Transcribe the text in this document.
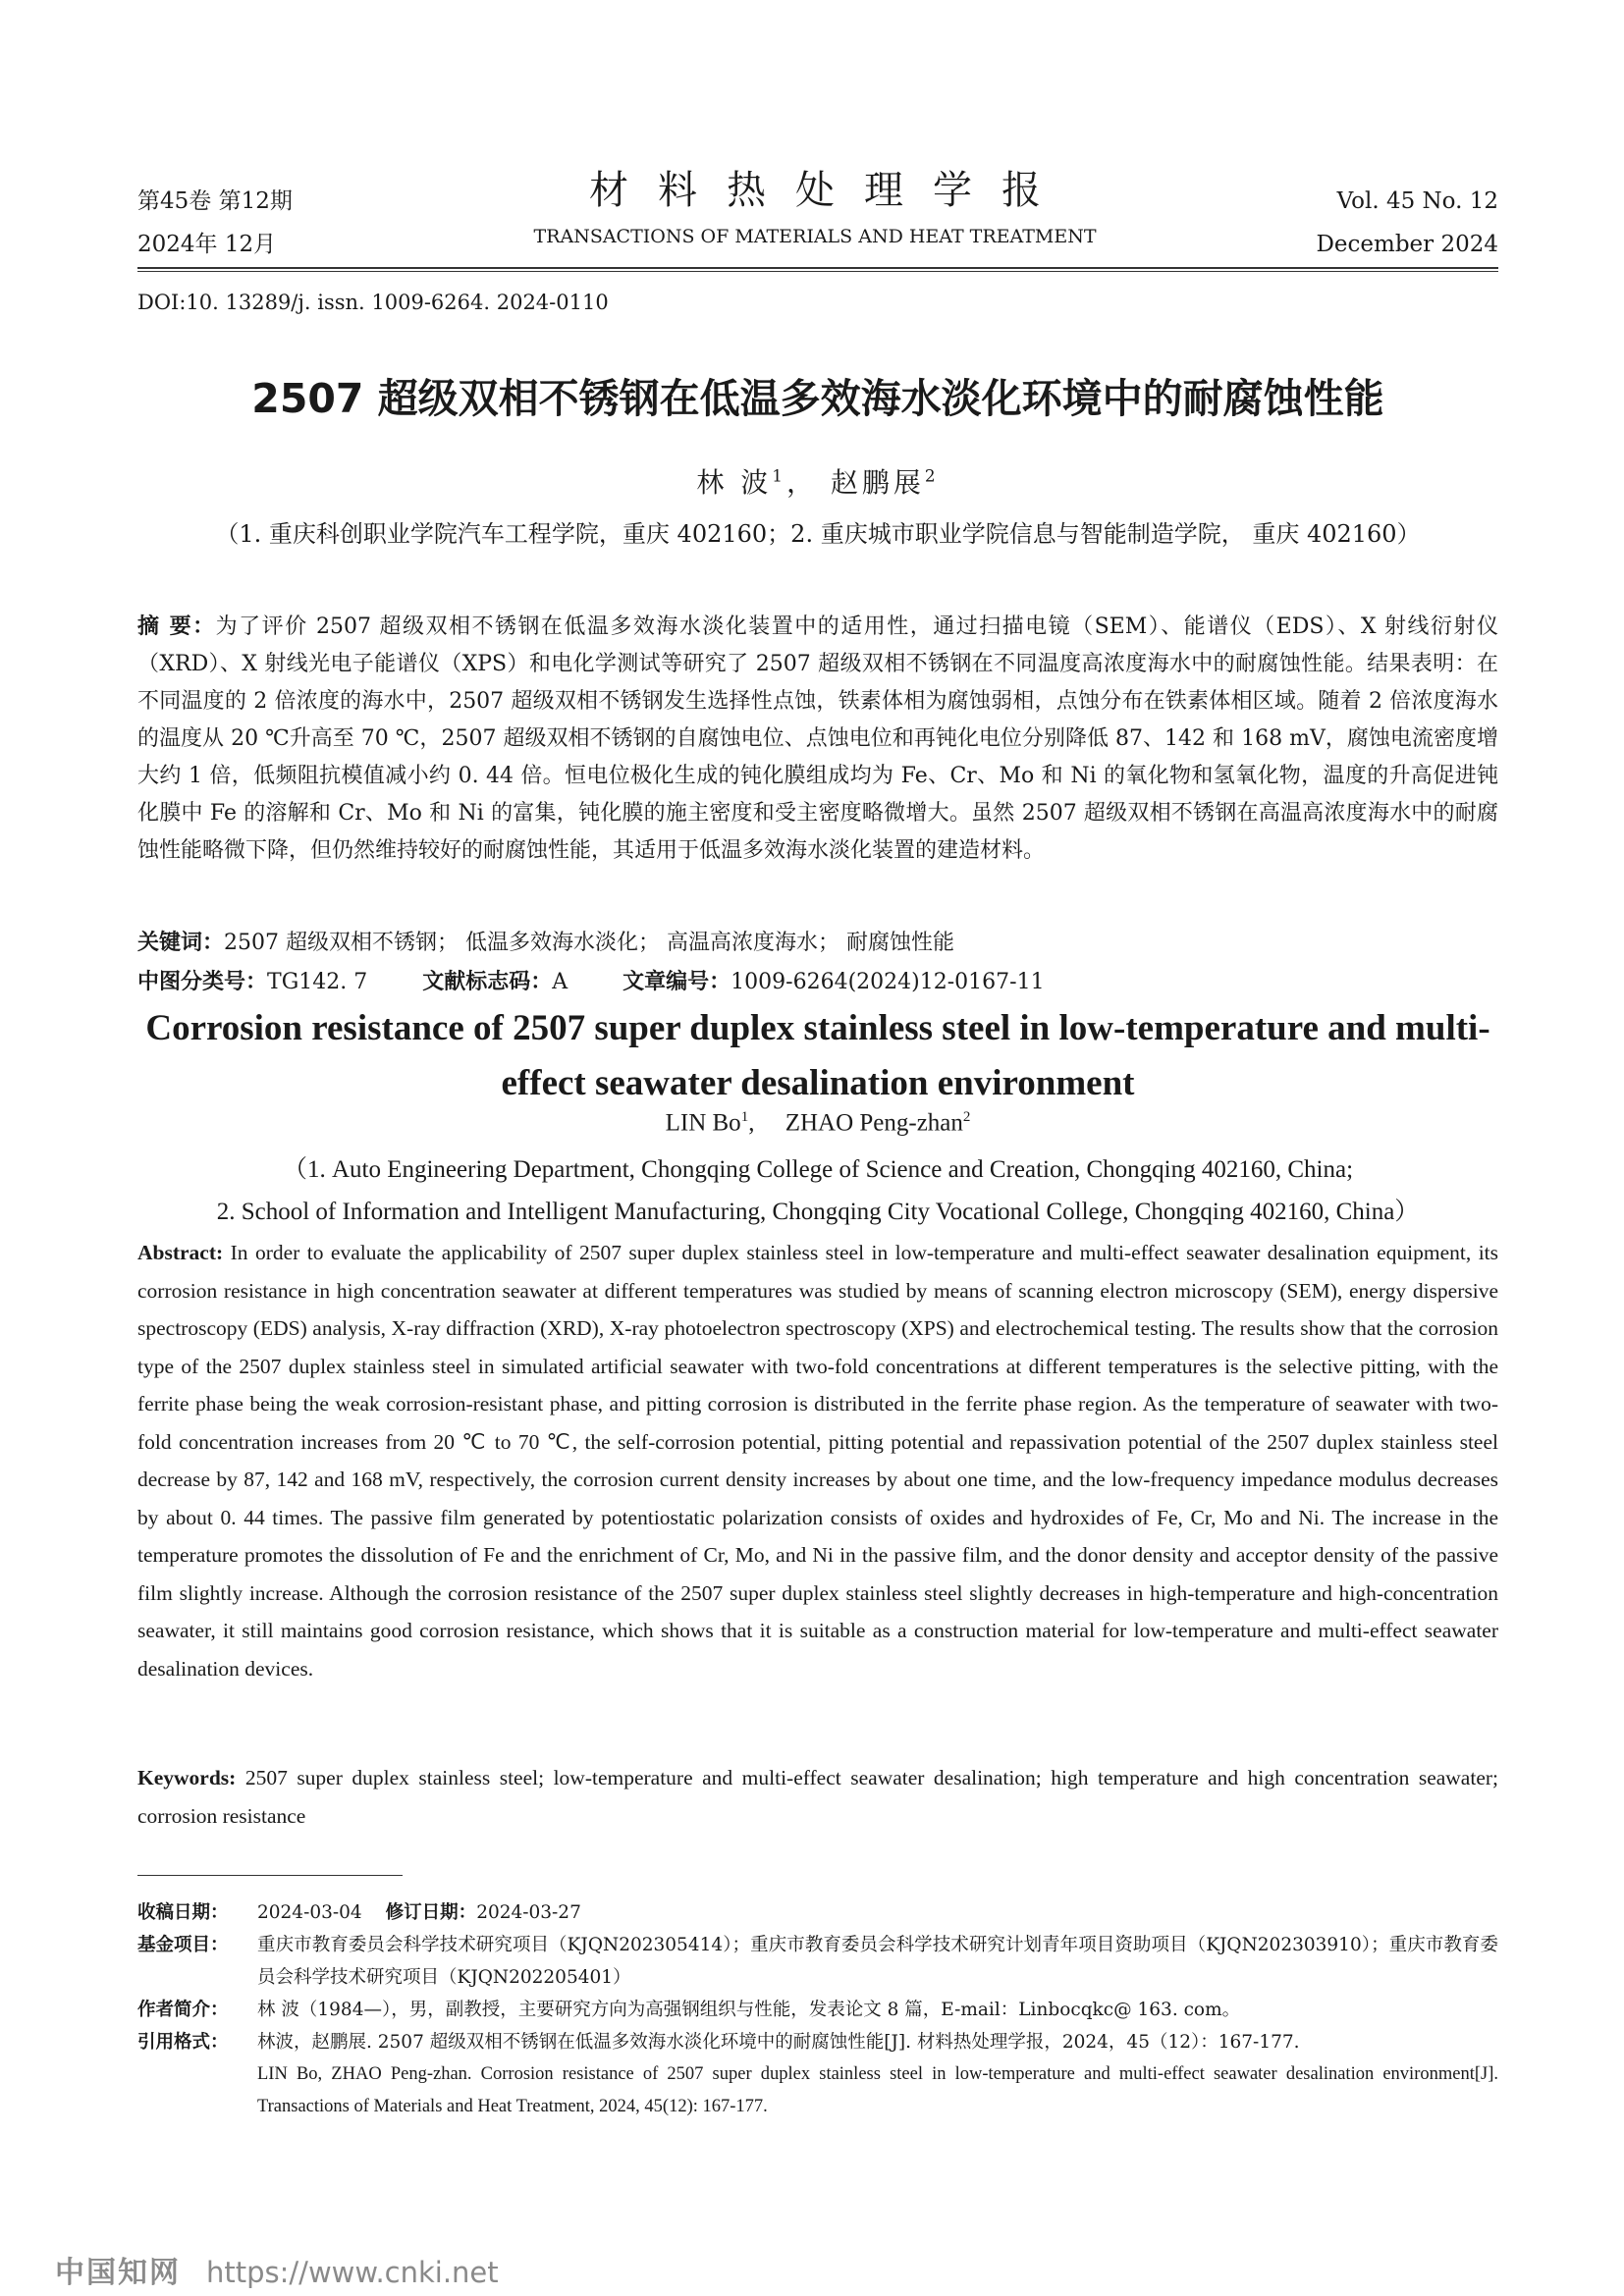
第45卷 第12期
2024年 12月
材料热处理学报
TRANSACTIONS OF MATERIALS AND HEAT TREATMENT
Vol. 45 No. 12
December 2024
DOI:10. 13289/j. issn. 1009-6264. 2024-0110
2507 超级双相不锈钢在低温多效海水淡化环境中的耐腐蚀性能
林 波$^1$， 赵鹏展$^2$
（1. 重庆科创职业学院汽车工程学院，重庆 402160；2. 重庆城市职业学院信息与智能制造学院， 重庆 402160）
摘 要：为了评价 2507 超级双相不锈钢在低温多效海水淡化装置中的适用性，通过扫描电镜（SEM）、能谱仪（EDS）、X 射线衍射仪（XRD）、X 射线光电子能谱仪（XPS）和电化学测试等研究了 2507 超级双相不锈钢在不同温度高浓度海水中的耐腐蚀性能。结果表明：在不同温度的 2 倍浓度的海水中，2507 超级双相不锈钢发生选择性点蚀，铁素体相为腐蚀弱相，点蚀分布在铁素体相区域。随着 2 倍浓度海水的温度从 20 ℃升高至 70 ℃，2507 超级双相不锈钢的自腐蚀电位、点蚀电位和再钝化电位分别降低 87、142 和 168 mV，腐蚀电流密度增大约 1 倍，低频阻抗模值减小约 0. 44 倍。恒电位极化生成的钝化膜组成均为 Fe、Cr、Mo 和 Ni 的氧化物和氢氧化物，温度的升高促进钝化膜中 Fe 的溶解和 Cr、Mo 和 Ni 的富集，钝化膜的施主密度和受主密度略微增大。虽然 2507 超级双相不锈钢在高温高浓度海水中的耐腐蚀性能略微下降，但仍然维持较好的耐腐蚀性能，其适用于低温多效海水淡化装置的建造材料。
关键词：2507 超级双相不锈钢； 低温多效海水淡化； 高温高浓度海水； 耐腐蚀性能
中图分类号：TG142. 7	文献标志码：A	文章编号：1009-6264(2024)12-0167-11
Corrosion resistance of 2507 super duplex stainless steel in low-temperature and multi-effect seawater desalination environment
LIN Bo$^1$,     ZHAO Peng-zhan$^2$
（1. Auto Engineering Department, Chongqing College of Science and Creation, Chongqing 402160, China;
2. School of Information and Intelligent Manufacturing, Chongqing City Vocational College, Chongqing 402160, China）
Abstract: In order to evaluate the applicability of 2507 super duplex stainless steel in low-temperature and multi-effect seawater desalination equipment, its corrosion resistance in high concentration seawater at different temperatures was studied by means of scanning electron microscopy (SEM), energy dispersive spectroscopy (EDS) analysis, X-ray diffraction (XRD), X-ray photoelectron spectroscopy (XPS) and electrochemical testing. The results show that the corrosion type of the 2507 duplex stainless steel in simulated artificial seawater with two-fold concentrations at different temperatures is the selective pitting, with the ferrite phase being the weak corrosion-resistant phase, and pitting corrosion is distributed in the ferrite phase region. As the temperature of seawater with two-fold concentration increases from 20 ℃ to 70 ℃, the self-corrosion potential, pitting potential and repassivation potential of the 2507 duplex stainless steel decrease by 87, 142 and 168 mV, respectively, the corrosion current density increases by about one time, and the low-frequency impedance modulus decreases by about 0. 44 times. The passive film generated by potentiostatic polarization consists of oxides and hydroxides of Fe, Cr, Mo and Ni. The increase in the temperature promotes the dissolution of Fe and the enrichment of Cr, Mo, and Ni in the passive film, and the donor density and acceptor density of the passive film slightly increase. Although the corrosion resistance of the 2507 super duplex stainless steel slightly decreases in high-temperature and high-concentration seawater, it still maintains good corrosion resistance, which shows that it is suitable as a construction material for low-temperature and multi-effect seawater desalination devices.
Keywords: 2507 super duplex stainless steel; low-temperature and multi-effect seawater desalination; high temperature and high concentration seawater; corrosion resistance
收稿日期： 2024-03-04 修订日期：2024-03-27
基金项目： 重庆市教育委员会科学技术研究项目（KJQN202305414）；重庆市教育委员会科学技术研究计划青年项目资助项目（KJQN202303910）；重庆市教育委员会科学技术研究项目（KJQN202205401）
作者简介： 林 波（1984—），男，副教授，主要研究方向为高强钢组织与性能，发表论文 8 篇，E-mail：Linbocqkc@ 163. com。
引用格式： 林波，赵鹏展. 2507 超级双相不锈钢在低温多效海水淡化环境中的耐腐蚀性能[J]. 材料热处理学报，2024，45（12）：167-177.
LIN Bo, ZHAO Peng-zhan. Corrosion resistance of 2507 super duplex stainless steel in low-temperature and multi-effect seawater desalination environment[J]. Transactions of Materials and Heat Treatment, 2024, 45(12): 167-177.
中国知网 https://www.cnki.net
